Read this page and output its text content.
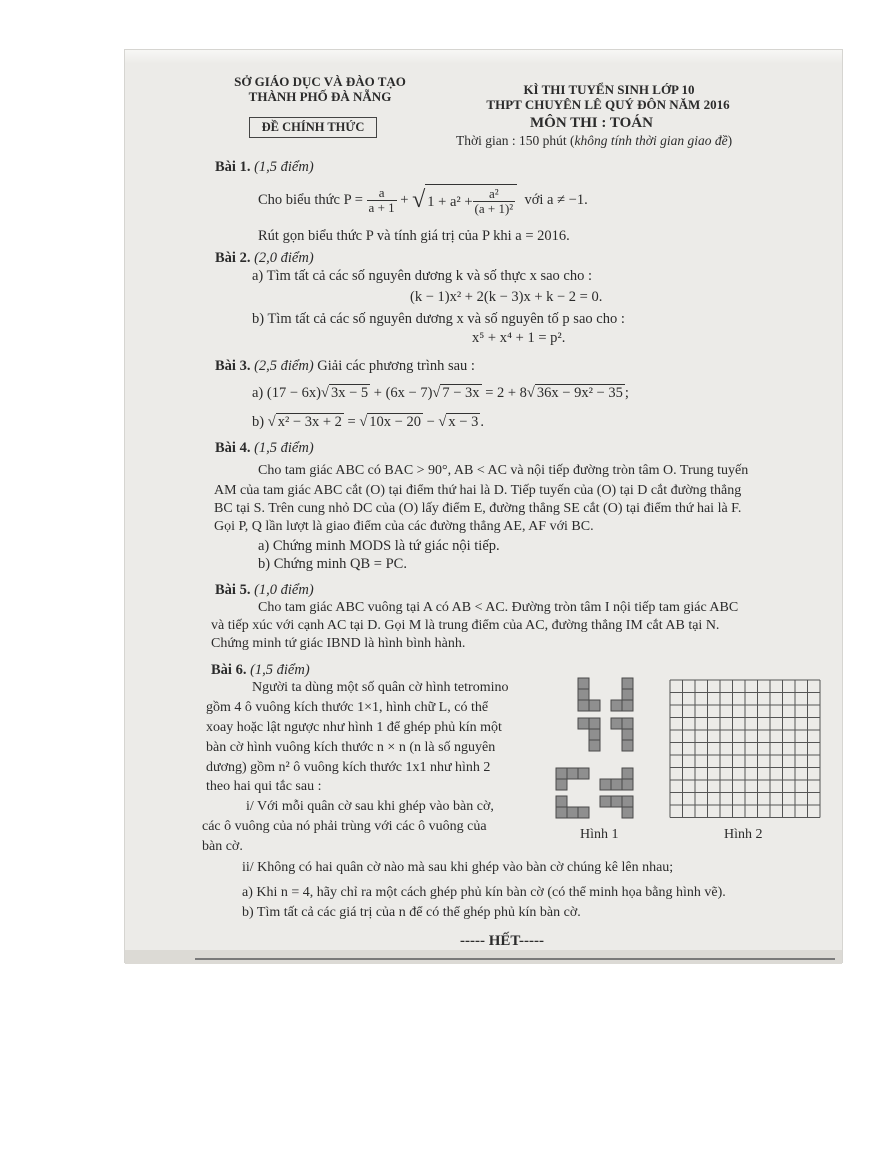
SỞ GIÁO DỤC VÀ ĐÀO TẠO
THÀNH PHỐ ĐÀ NẴNG	KÌ THI TUYỂN SINH LỚP 10
THPT CHUYÊN LÊ QUÝ ĐÔN NĂM 2016
ĐỀ CHÍNH THỨC	MÔN THI : TOÁN
Thời gian : 150 phút (không tính thời gian giao đề)
Bài 1. (1,5 điểm)
Cho biểu thức P =
$\frac{a}{a + 1}$
+
√ $1 + a^2 + \frac{\text{a²}}{\text{(a + 1)²}}$
với a ≠ −1.
Rút gọn biểu thức P và tính giá trị của P khi a = 2016.
Bài 2. (2,0 điểm)
a) Tìm tất cả các số nguyên dương k và số thực x sao cho :
(k − 1)x² + 2(k − 3)x + k − 2 = 0.
b) Tìm tất cả các số nguyên dương x và số nguyên tố p sao cho :
x⁵ + x⁴ + 1 = p².
Bài 3. (2,5 điểm) Giải các phương trình sau :
a) (17 − 6x)√ 3x − 5 + (6x − 7)√ 7 − 3x = 2 + 8√ 36x − 9x² − 35 ;
b) √ x² − 3x + 2 = √ 10x − 20 − √ x − 3 .
Bài 4. (1,5 điểm)
Cho tam giác ABC có BAC > 90°, AB < AC và nội tiếp đường tròn tâm O. Trung tuyến
AM của tam giác ABC cắt (O) tại điểm thứ hai là D. Tiếp tuyến của (O) tại D cắt đường thẳng
BC tại S. Trên cung nhỏ DC của (O) lấy điểm E, đường thẳng SE cắt (O) tại điểm thứ hai là F.
Gọi P, Q lần lượt là giao điểm của các đường thẳng AE, AF với BC.
a) Chứng minh MODS là tứ giác nội tiếp.
b) Chứng minh QB = PC.
Bài 5. (1,0 điểm)
Cho tam giác ABC vuông tại A có AB < AC. Đường tròn tâm I nội tiếp tam giác ABC
và tiếp xúc với cạnh AC tại D. Gọi M là trung điểm của AC, đường thẳng IM cắt AB tại N.
Chứng minh tứ giác IBND là hình bình hành.
Bài 6. (1,5 điểm)
Người ta dùng một số quân cờ hình tetromino
gồm 4 ô vuông kích thước 1×1, hình chữ L, có thể
xoay hoặc lật ngược như hình 1 để ghép phủ kín một
bàn cờ hình vuông kích thước n × n (n là số nguyên
dương) gồm n² ô vuông kích thước 1x1 như hình 2
theo hai qui tắc sau :
i/ Với mỗi quân cờ sau khi ghép vào bàn cờ,
các ô vuông của nó phải trùng với các ô vuông của
bàn cờ.
ii/ Không có hai quân cờ nào mà sau khi ghép vào bàn cờ chúng kê lên nhau;
a) Khi n = 4, hãy chỉ ra một cách ghép phủ kín bàn cờ (có thể minh họa bằng hình vẽ).
b) Tìm tất cả các giá trị của n để có thể ghép phủ kín bàn cờ.
Hình 1	Hình 2
----- HẾT-----
